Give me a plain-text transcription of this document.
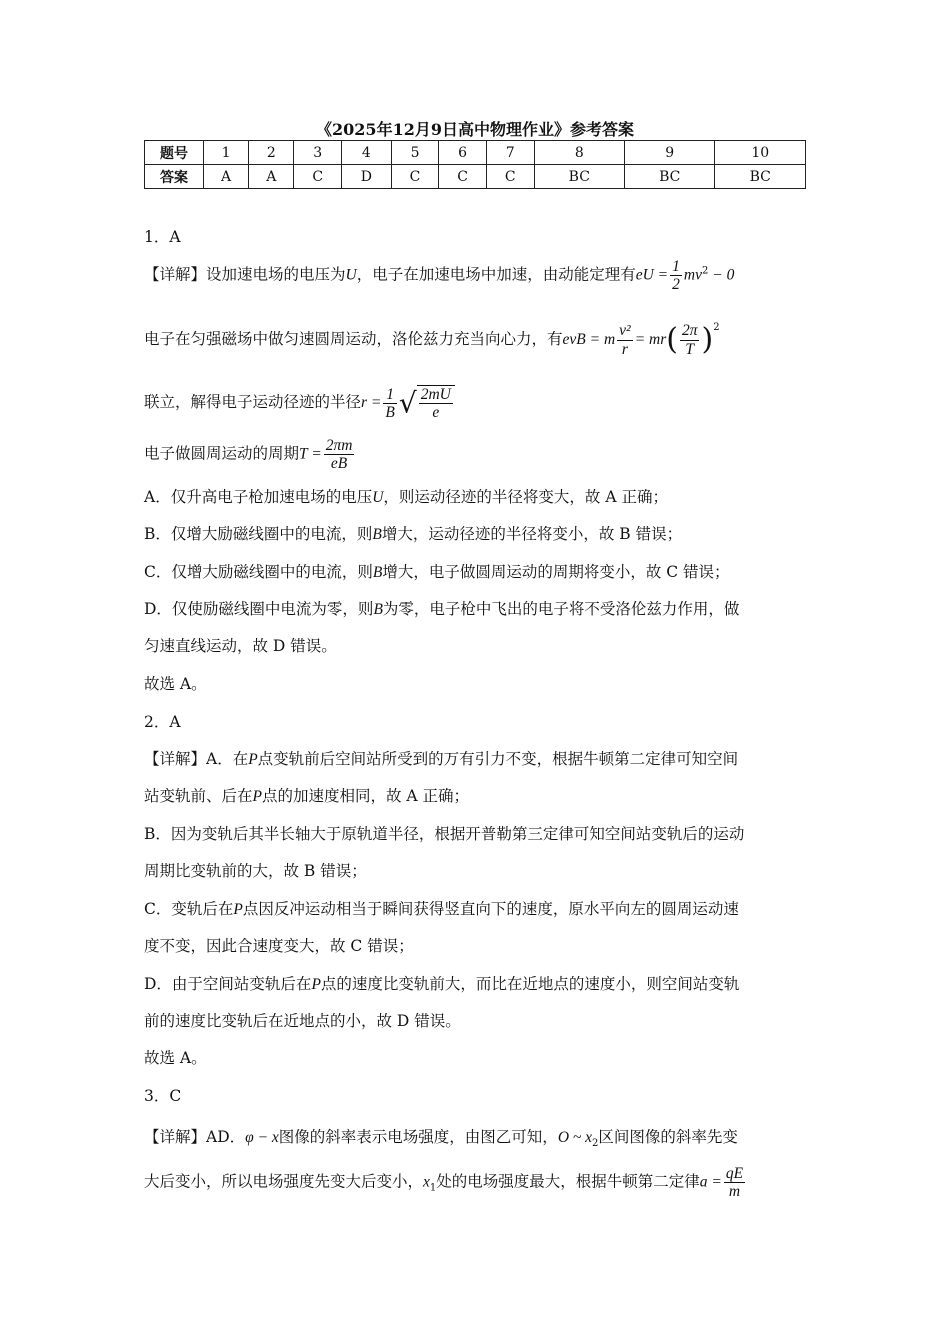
《2025年12月9日高中物理作业》参考答案
题号	1	2	3	4	5	6	7	8	9	10
答案	A	A	C	D	C	C	C	BC	BC	BC
1．A
【详解】设加速电场的电压为U，电子在加速电场中加速，由动能定理有eU = $\frac{1}{2} mv^2 - 0$
电子在匀强磁场中做匀速圆周运动，洛伦兹力充当向心力，有evB = m $\frac{\text{v²}}{r} = mr( \frac{2\pi}{T} )^2$
联立，解得电子运动径迹的半径$r = \frac{1}{B}$ √ $\frac{2mU}{e}$
电子做圆周运动的周期$T = \frac{2\pi m}{eB}$
A．仅升高电子枪加速电场的电压U，则运动径迹的半径将变大，故 A 正确；
B．仅增大励磁线圈中的电流，则B增大，运动径迹的半径将变小，故 B 错误；
C．仅增大励磁线圈中的电流，则B增大，电子做圆周运动的周期将变小，故 C 错误；
D．仅使励磁线圈中电流为零，则B为零，电子枪中飞出的电子将不受洛伦兹力作用，做
匀速直线运动，故 D 错误。
故选 A。
2．A
【详解】A．在P点变轨前后空间站所受到的万有引力不变，根据牛顿第二定律可知空间
站变轨前、后在P点的加速度相同，故 A 正确；
B．因为变轨后其半长轴大于原轨道半径，根据开普勒第三定律可知空间站变轨后的运动
周期比变轨前的大，故 B 错误；
C．变轨后在P点因反冲运动相当于瞬间获得竖直向下的速度，原水平向左的圆周运动速
度不变，因此合速度变大，故 C 错误；
D．由于空间站变轨后在P点的速度比变轨前大，而比在近地点的速度小，则空间站变轨
前的速度比变轨后在近地点的小，故 D 错误。
故选 A。
3．C
【详解】AD．φ − x图像的斜率表示电场强度，由图乙可知，O ~ $x_2$区间图像的斜率先变
大后变小，所以电场强度先变大后变小，$x_1$处的电场强度最大，根据牛顿第二定律$a = \frac{qE}{m}$
